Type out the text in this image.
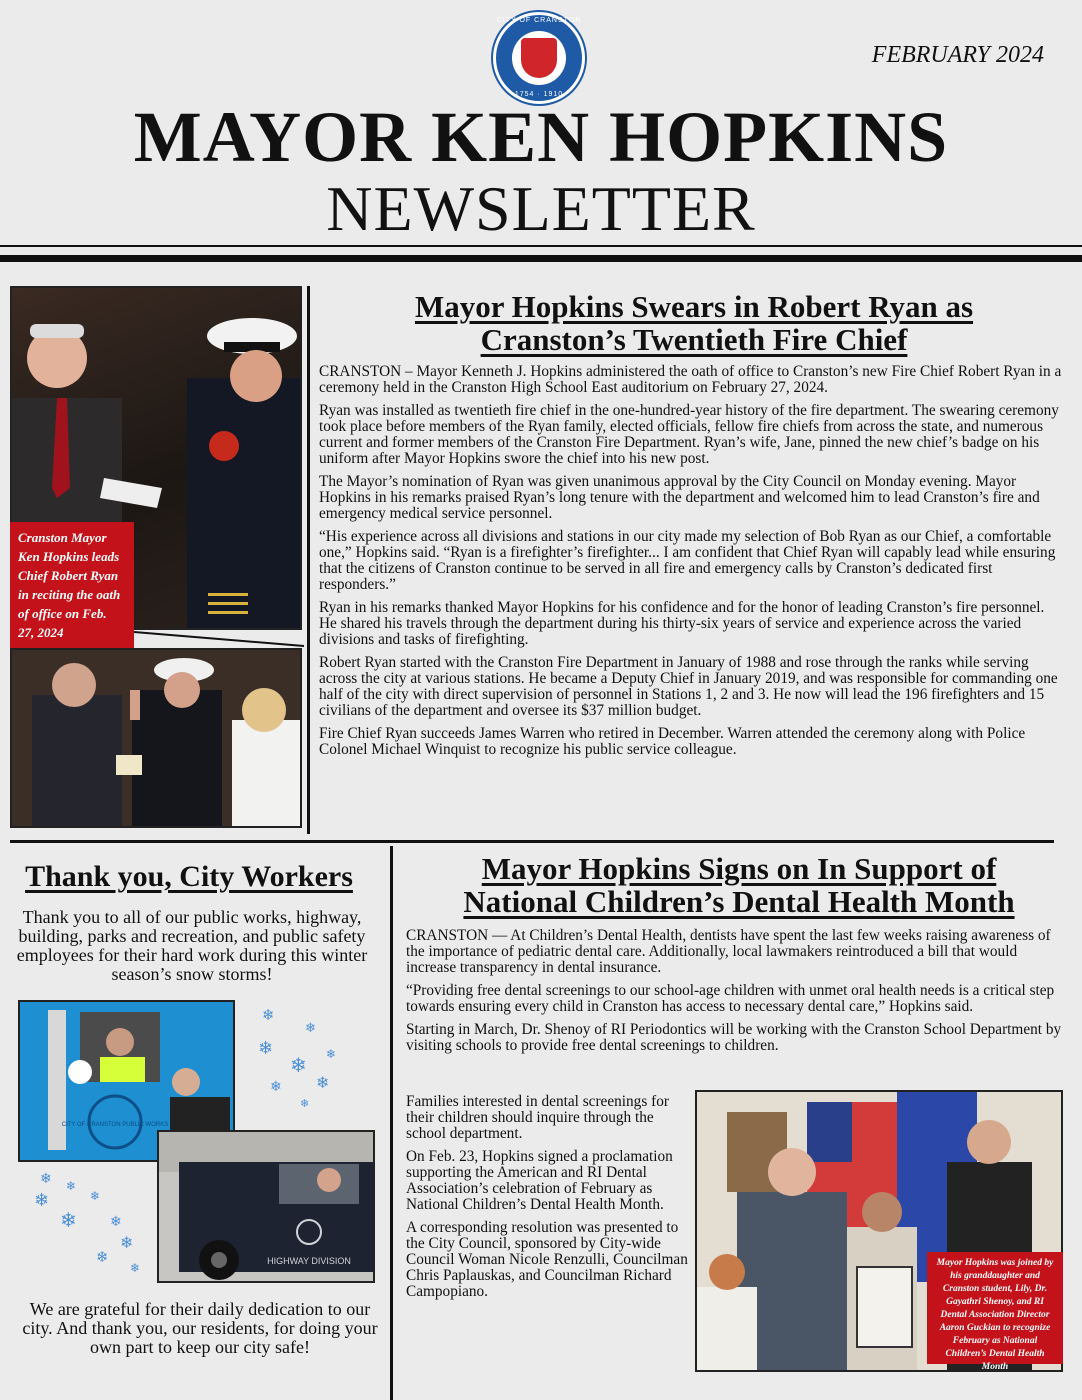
CITY OF CRANSTON
1754 · 1910
FEBRUARY 2024
MAYOR KEN HOPKINS
NEWSLETTER
Cranston Mayor Ken Hopkins leads Chief Robert Ryan in reciting the oath of office on Feb. 27, 2024
Mayor Hopkins Swears in Robert Ryan as
Cranston’s Twentieth Fire Chief

CRANSTON – Mayor Kenneth J. Hopkins administered the oath of office to Cranston’s new Fire Chief Robert Ryan in a ceremony held in the Cranston High School East auditorium on February 27, 2024.

Ryan was installed as twentieth fire chief in the one-hundred-year history of the fire department. The swearing ceremony took place before members of the Ryan family, elected officials, fellow fire chiefs from across the state, and numerous current and former members of the Cranston Fire Department. Ryan’s wife, Jane, pinned the new chief’s badge on his uniform after Mayor Hopkins swore the chief into his new post.

The Mayor’s nomination of Ryan was given unanimous approval by the City Council on Monday evening. Mayor Hopkins in his remarks praised Ryan’s long tenure with the department and welcomed him to lead Cranston’s fire and emergency medical service personnel.

“His experience across all divisions and stations in our city made my selection of Bob Ryan as our Chief, a comfortable one,” Hopkins said. “Ryan is a firefighter’s firefighter... I am confident that Chief Ryan will capably lead while ensuring that the citizens of Cranston continue to be served in all fire and emergency calls by Cranston’s dedicated first responders.”

Ryan in his remarks thanked Mayor Hopkins for his confidence and for the honor of leading Cranston’s fire personnel. He shared his travels through the department during his thirty-six years of service and experience across the varied divisions and tasks of firefighting.

Robert Ryan started with the Cranston Fire Department in January of 1988 and rose through the ranks while serving across the city at various stations. He became a Deputy Chief in January 2019, and was responsible for commanding one half of the city with direct supervision of personnel in Stations 1, 2 and 3. He now will lead the 196 firefighters and 15 civilians of the department and oversee its $37 million budget.

Fire Chief Ryan succeeds James Warren who retired in December. Warren attended the ceremony along with Police Colonel Michael Winquist to recognize his public service colleague.

Thank you, City Workers
Thank you to all of our public works, highway, building, parks and recreation, and public safety employees for their hard work during this winter season’s snow storms!
CITY OF CRANSTON PUBLIC WORKS
HIGHWAY DIVISION
❄
❄
❄
❄ ❄
❄ ❄
❄
❄ ❄
❄	❄
❄ ❄
❄
❄
❄
We are grateful for their daily dedication to our city. And thank you, our residents, for doing your own part to keep our city safe!
Mayor Hopkins Signs on In Support of
National Children’s Dental Health Month

CRANSTON — At Children’s Dental Health, dentists have spent the last few weeks raising awareness of the importance of pediatric dental care. Additionally, local lawmakers reintroduced a bill that would increase transparency in dental insurance.

“Providing free dental screenings to our school-age children with unmet oral health needs is a critical step towards ensuring every child in Cranston has access to necessary dental care,” Hopkins said.

Starting in March, Dr. Shenoy of RI Periodontics will be working with the Cranston School Department by visiting schools to provide free dental screenings to children.

Families interested in dental screenings for their children should inquire through the school department.

On Feb. 23, Hopkins signed a proclamation supporting the American and RI Dental Association’s celebration of February as National Children’s Dental Health Month.

A corresponding resolution was presented to the City Council, sponsored by City-wide Council Woman Nicole Renzulli, Councilman Chris Paplauskas, and Councilman Richard Campopiano.

Mayor Hopkins was joined by his granddaughter and Cranston student, Lily, Dr. Gayathri Shenoy, and RI Dental Association Director Aaron Guckian to recognize February as National Children’s Dental Health Month
